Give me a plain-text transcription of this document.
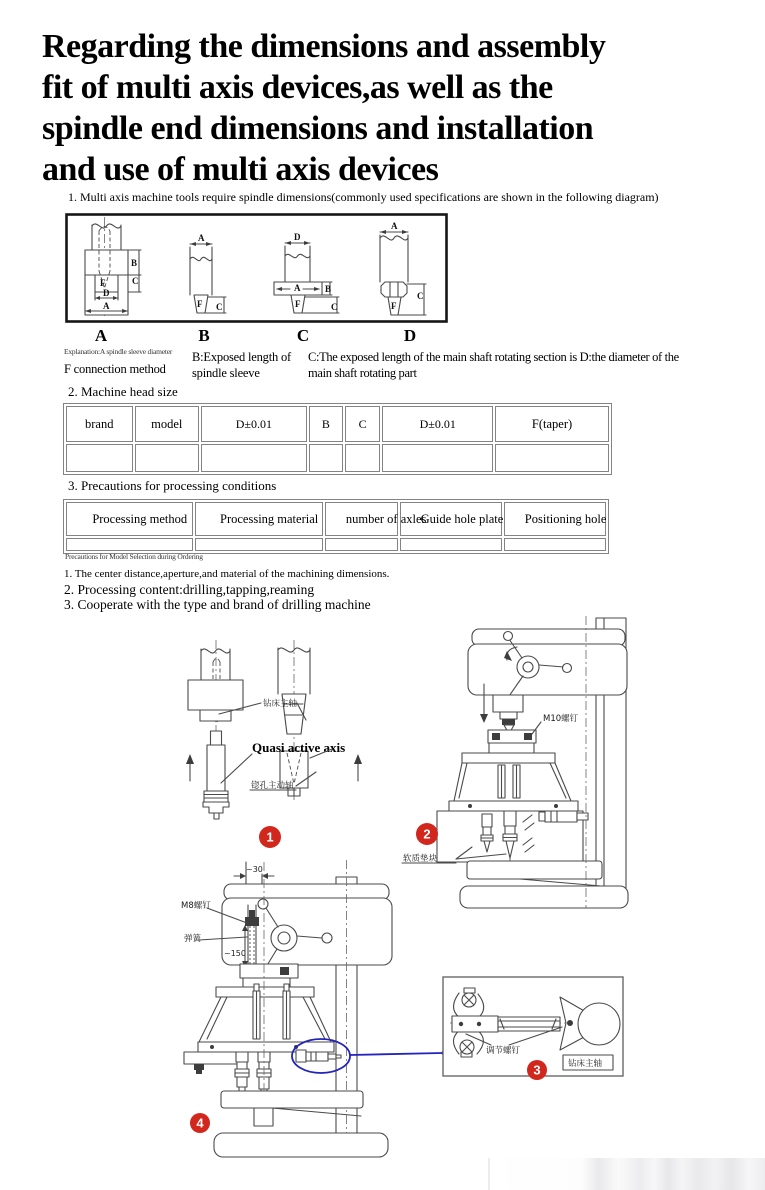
Regarding the dimensions and assembly
fit of multi axis devices,as well as the
spindle end dimensions and installation
and use of multi axis devices
1. Multi axis machine tools require spindle dimensions(commonly used specifications are shown in the following diagram)
F
D
A
B
C
A
F C
D
A	B
F	C
A
F
C
A	B	C	D
Explanation:A spindle sleeve diameter
F connection method
B:Exposed length of
spindle sleeve
C:The exposed length of the main shaft rotating section is D:the diameter of the
main shaft rotating part
2. Machine head size
brand	model	D±0.01	B	C	D±0.01	F(taper)

3. Precautions for processing conditions
Processing method	Processing material	number of axles	Guide hole plate	Positioning hole

Precautions for Model Selection during Ordering
1. The center distance,aperture,and material of the machining dimensions.
2. Processing content:drilling,tapping,reaming
3. Cooperate with the type and brand of drilling machine
钻床主轴
Quasi active axis
锪孔主动轴
M10螺钉
软质垫块
~30
~150
M8螺钉
弹簧
调节螺钉
钻床主轴
1	2
3
4
